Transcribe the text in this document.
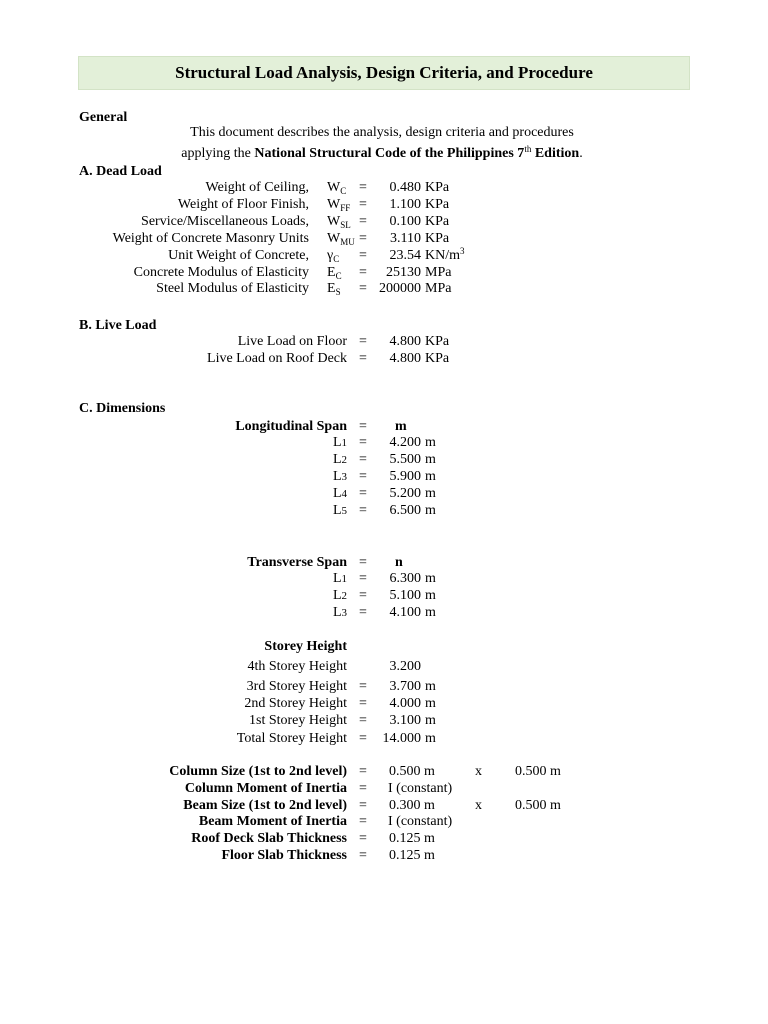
Structural Load Analysis, Design Criteria, and Procedure
General
This document describes the analysis, design criteria and procedures
applying the National Structural Code of the Philippines 7th Edition.
A. Dead Load
Weight of Ceiling, $W_C = 0.480$ KPa
Weight of Floor Finish, $W_{FF} = 1.100$ KPa
Service/Miscellaneous Loads, $W_{SL} = 0.100$ KPa
Weight of Concrete Masonry Units $W_{MU} = 3.110$ KPa
Unit Weight of Concrete, $\gamma_C = 23.54$ $KN/m^3$
Concrete Modulus of Elasticity $E_C = 25130$ MPa
Steel Modulus of Elasticity $E_S = 200000$ MPa
B. Live Load
Live Load on Floor = 4.800 KPa
Live Load on Roof Deck = 4.800 KPa
C. Dimensions
Longitudinal Span = m
L1 = 4.200 m
L2 = 5.500 m
L3 = 5.900 m
L4 = 5.200 m
L5 = 6.500 m
Transverse Span = n
L1 = 6.300 m
L2 = 5.100 m
L3 = 4.100 m
Storey Height
4th Storey Height	3.200
3rd Storey Height = 3.700 m
2nd Storey Height = 4.000 m
1st Storey Height = 3.100 m
Total Storey Height = 14.000 m
Column Size (1st to 2nd level) = 0.500 m	x 0.500 m
Column Moment of Inertia = I (constant)
Beam Size (1st to 2nd level) = 0.300 m	x 0.500 m
Beam Moment of Inertia = I (constant)
Roof Deck Slab Thickness = 0.125 m
Floor Slab Thickness = 0.125 m
